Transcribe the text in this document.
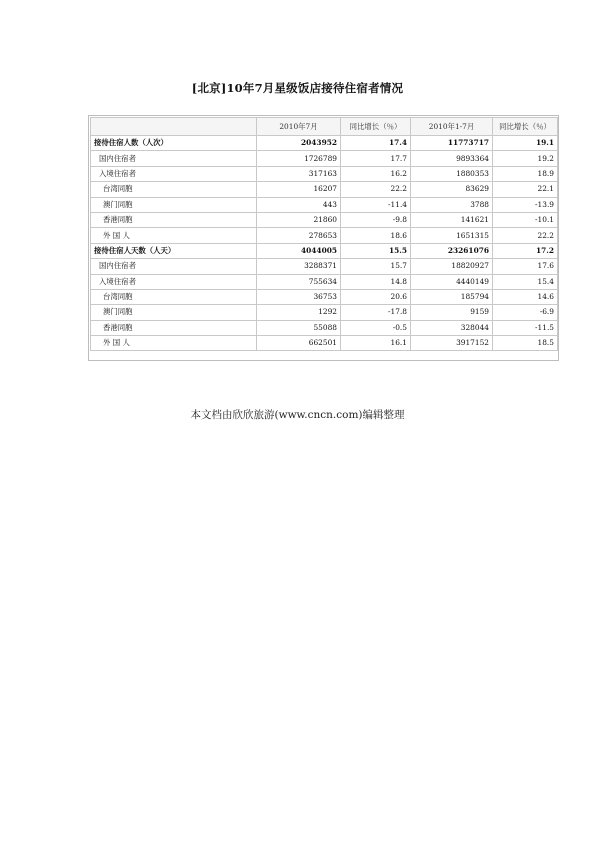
[北京]10年7月星级饭店接待住宿者情况
	2010年7月	同比增长（％）	2010年1-7月	同比增长（％）
接待住宿人数（人次）	2043952	17.4	11773717	19.1
国内住宿者	1726789	17.7	9893364	19.2
入境住宿者	317163	16.2	1880353	18.9
台湾同胞	16207	22.2	83629	22.1
澳门同胞	443	-11.4	3788	-13.9
香港同胞	21860	-9.8	141621	-10.1
外 国 人	278653	18.6	1651315	22.2
接待住宿人天数（人天）	4044005	15.5	23261076	17.2
国内住宿者	3288371	15.7	18820927	17.6
入境住宿者	755634	14.8	4440149	15.4
台湾同胞	36753	20.6	185794	14.6
澳门同胞	1292	-17.8	9159	-6.9
香港同胞	55088	-0.5	328044	-11.5
外 国 人	662501	16.1	3917152	18.5
本文档由欣欣旅游(www.cncn.com)编辑整理
